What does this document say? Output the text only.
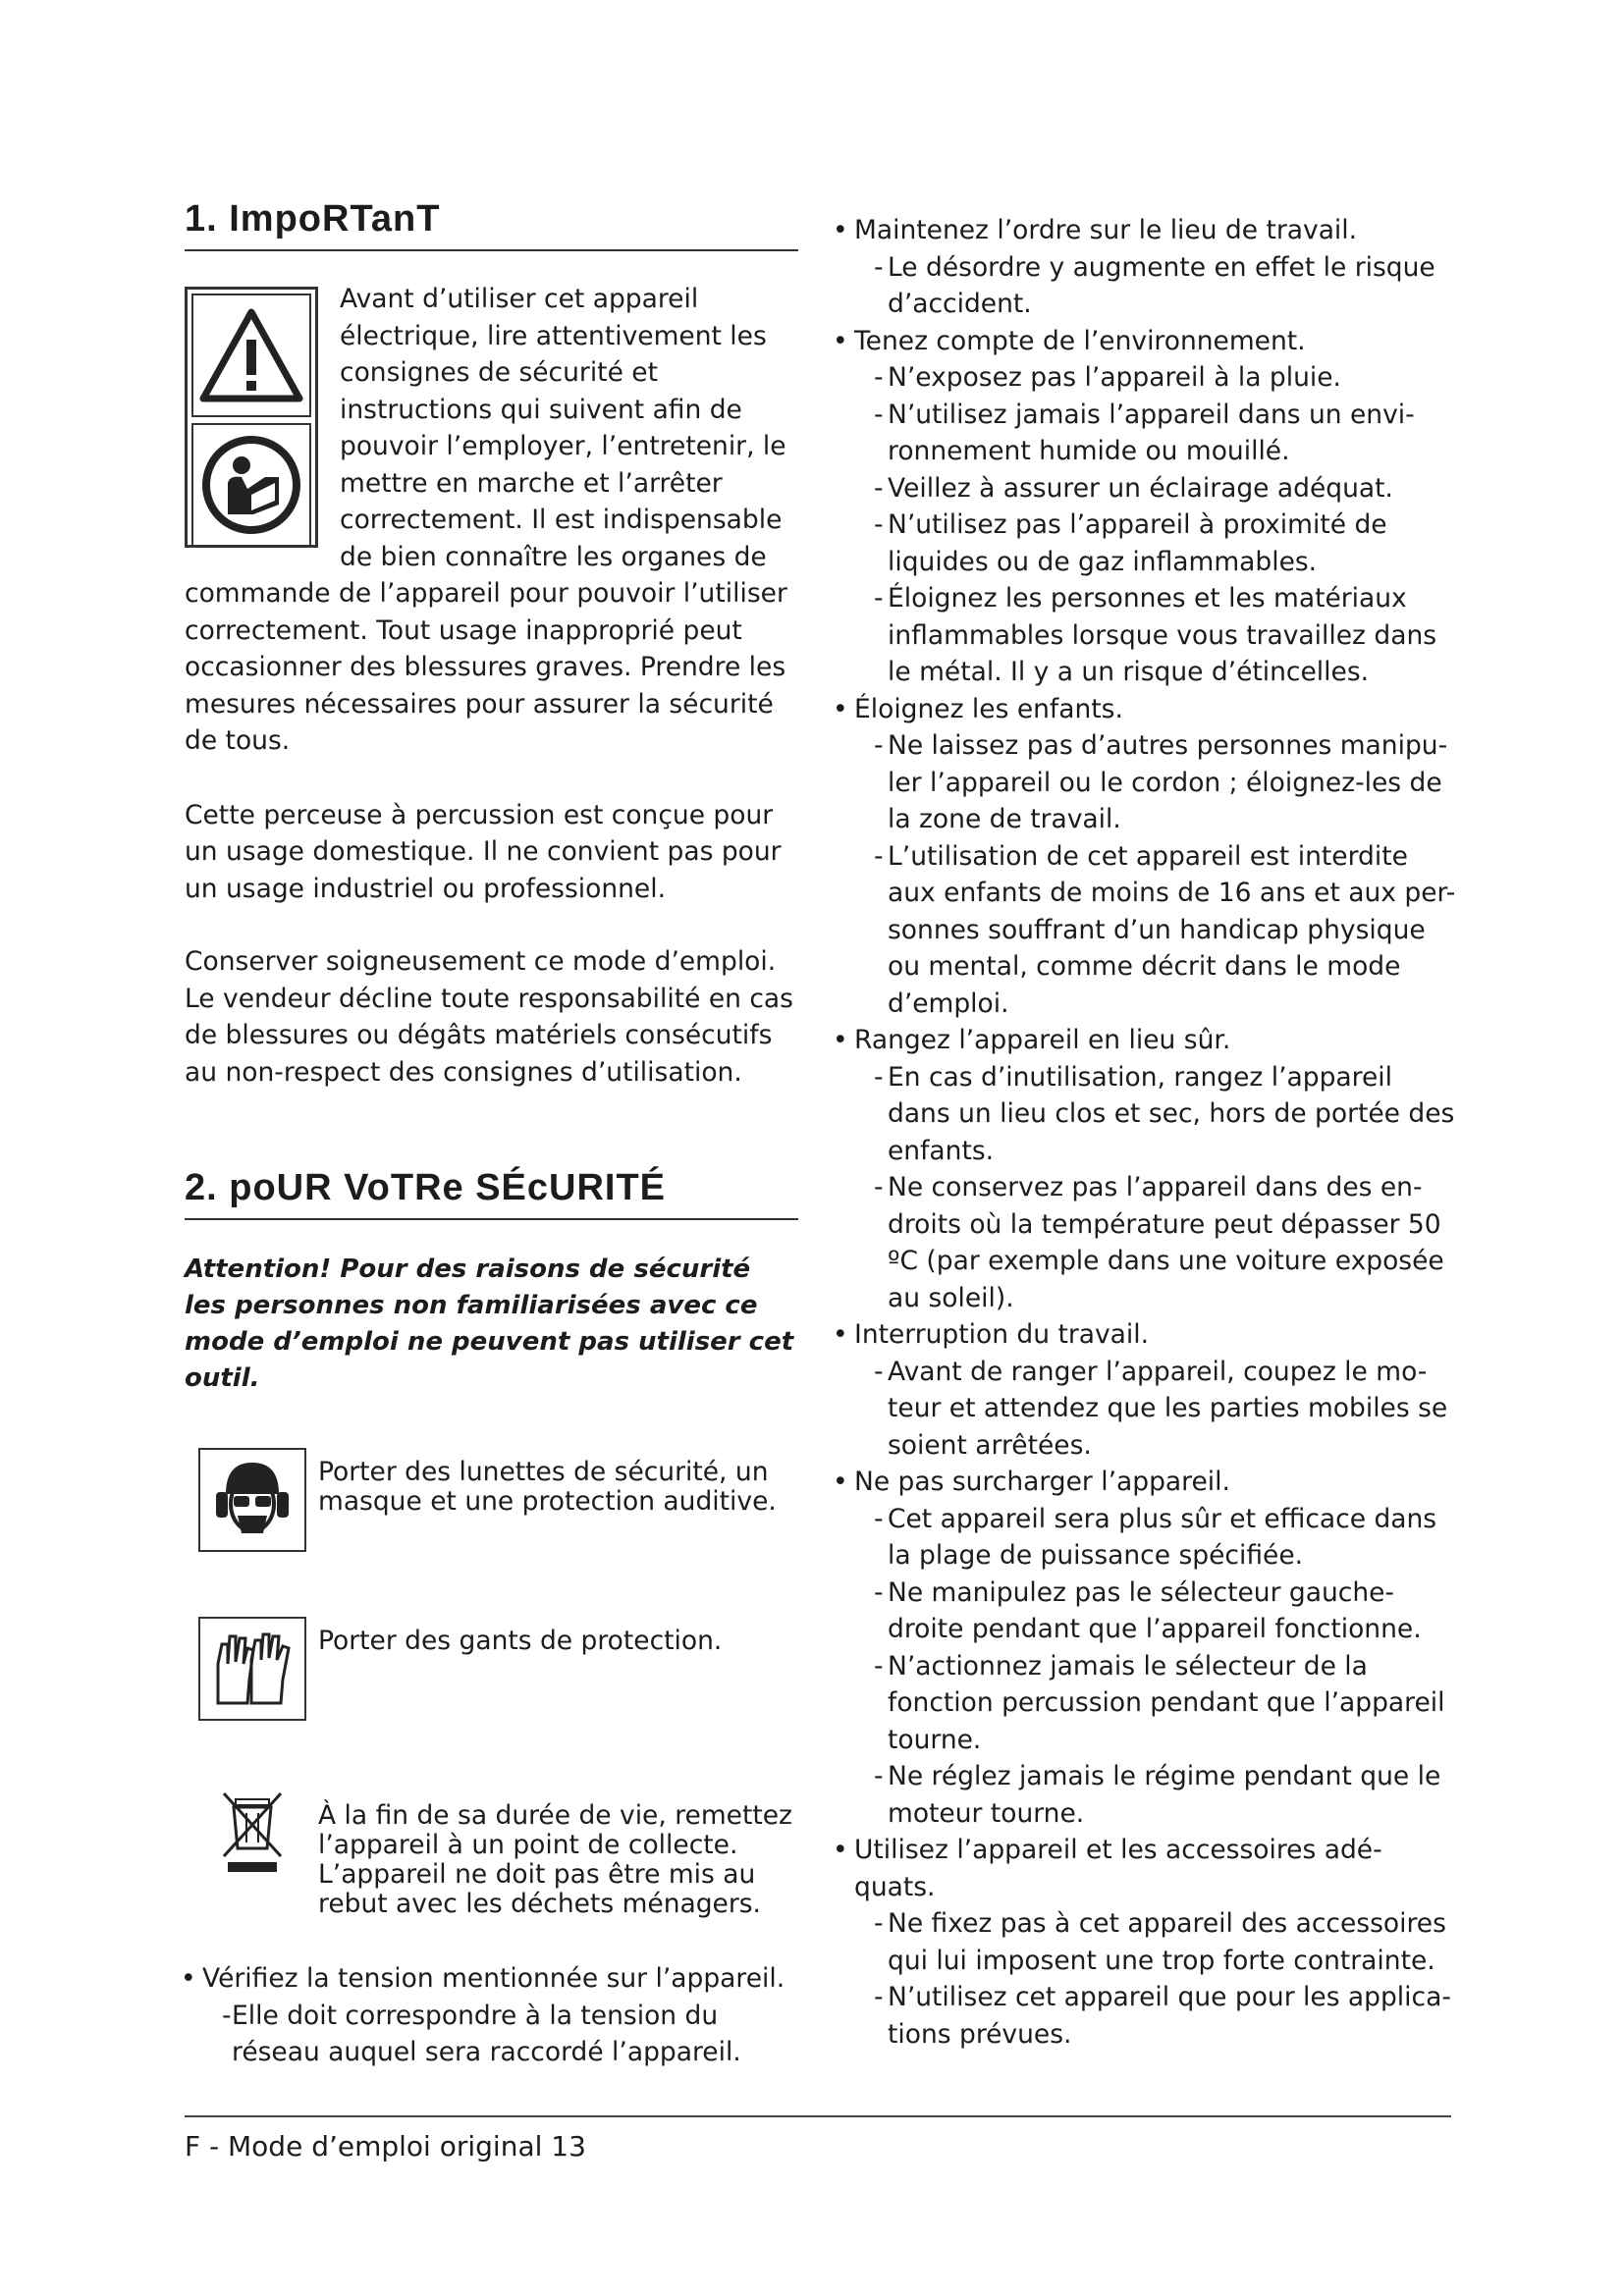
1. ImpoRTanT

Avant d’utiliser cet appareil électrique, lire attentivement les consignes de sécurité et instructions qui suivent afin de pouvoir l’employer, l’entretenir, le mettre en marche et l’arrêter correctement. Il est indispensable de bien connaître les organes de commande de l’appareil pour pouvoir l’utiliser correctement. Tout usage inapproprié peut occasionner des blessures graves. Prendre les mesures nécessaires pour assurer la sécurité de tous.

Cette perceuse à percussion est conçue pour un usage domestique. Il ne convient pas pour un usage industriel ou professionnel.

Conserver soigneusement ce mode d’emploi. Le vendeur décline toute responsabilité en cas de blessures ou dégâts matériels consécutifs au non-respect des consignes d’utilisation.

2. poUR VoTRe SÉcURITÉ

Attention! Pour des raisons de sécurité les personnes non familiarisées avec ce mode d’emploi ne peuvent pas utiliser cet outil.

Porter des lunettes de sécurité, un masque et une protection auditive.
Porter des gants de protection.
À la fin de sa durée de vie, remettez l’appareil à un point de collecte. L’appareil ne doit pas être mis au rebut avec les déchets ménagers.
• Vérifiez la tension mentionnée sur l’appareil.
- Elle doit correspondre à la tension du réseau auquel sera raccordé l’appareil.
• Maintenez l’ordre sur le lieu de travail.
- Le désordre y augmente en effet le risque d’accident.
• Tenez compte de l’environnement.
- N’exposez pas l’appareil à la pluie.
- N’utilisez jamais l’appareil dans un envi-ronnement humide ou mouillé.
- Veillez à assurer un éclairage adéquat.
- N’utilisez pas l’appareil à proximité de liquides ou de gaz inflammables.
- Éloignez les personnes et les matériaux inflammables lorsque vous travaillez dans le métal. Il y a un risque d’étincelles.
• Éloignez les enfants.
- Ne laissez pas d’autres personnes manipu-ler l’appareil ou le cordon ; éloignez-les de la zone de travail.
- L’utilisation de cet appareil est interdite aux enfants de moins de 16 ans et aux per-sonnes souffrant d’un handicap physique ou mental, comme décrit dans le mode d’emploi.
• Rangez l’appareil en lieu sûr.
- En cas d’inutilisation, rangez l’appareil dans un lieu clos et sec, hors de portée des enfants.
- Ne conservez pas l’appareil dans des en-droits où la température peut dépasser 50 ºC (par exemple dans une voiture exposée au soleil).
• Interruption du travail.
- Avant de ranger l’appareil, coupez le mo-teur et attendez que les parties mobiles se soient arrêtées.
• Ne pas surcharger l’appareil.
- Cet appareil sera plus sûr et efficace dans la plage de puissance spécifiée.
- Ne manipulez pas le sélecteur gauche-droite pendant que l’appareil fonctionne.
- N’actionnez jamais le sélecteur de la fonction percussion pendant que l’appareil tourne.
- Ne réglez jamais le régime pendant que le moteur tourne.
• Utilisez l’appareil et les accessoires adé-quats.
- Ne fixez pas à cet appareil des accessoires qui lui imposent une trop forte contrainte.
- N’utilisez cet appareil que pour les applica-tions prévues.
F - Mode d’emploi original 13
